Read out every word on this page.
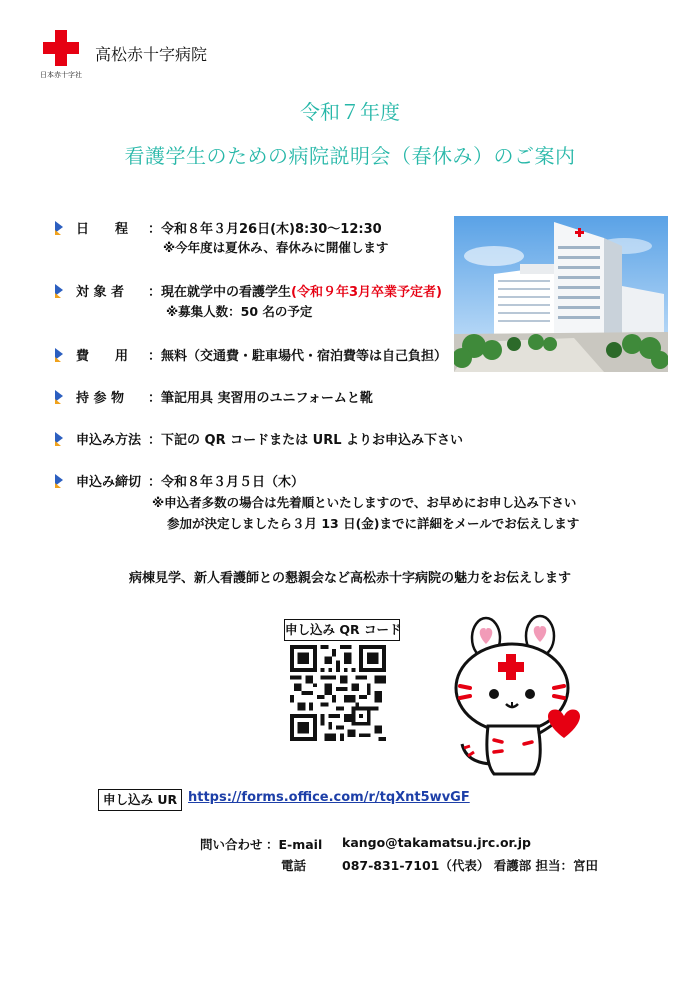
日本赤十字社
高松赤十字病院
令和７年度
看護学生のための病院説明会（春休み）のご案内
日　　程 ：令和８年３月26日(木)8:30～12:30
※今年度は夏休み、春休みに開催します
対 象 者 ：現在就学中の看護学生(令和９年3月卒業予定者)
※募集人数：50 名の予定
費　　用 ：無料（交通費・駐車場代・宿泊費等は自己負担）
持 参 物 ：筆記用具 実習用のユニフォームと靴
申込み方法 ：下記の QR コードまたは URL よりお申込み下さい
申込み締切 ：令和８年３月５日（木）
※申込者多数の場合は先着順といたしますので、お早めにお申し込み下さい
参加が決定しましたら３月 13 日(金)までに詳細をメールでお伝えします
病棟見学、新人看護師との懇親会など高松赤十字病院の魅力をお伝えします
申し込み QR コード
申し込み UR https://forms.office.com/r/tqXnt5wvGF
問い合わせ ：E-mail kango@takamatsu.jrc.or.jp
電話	087-831-7101（代表） 看護部 担当：宮田
